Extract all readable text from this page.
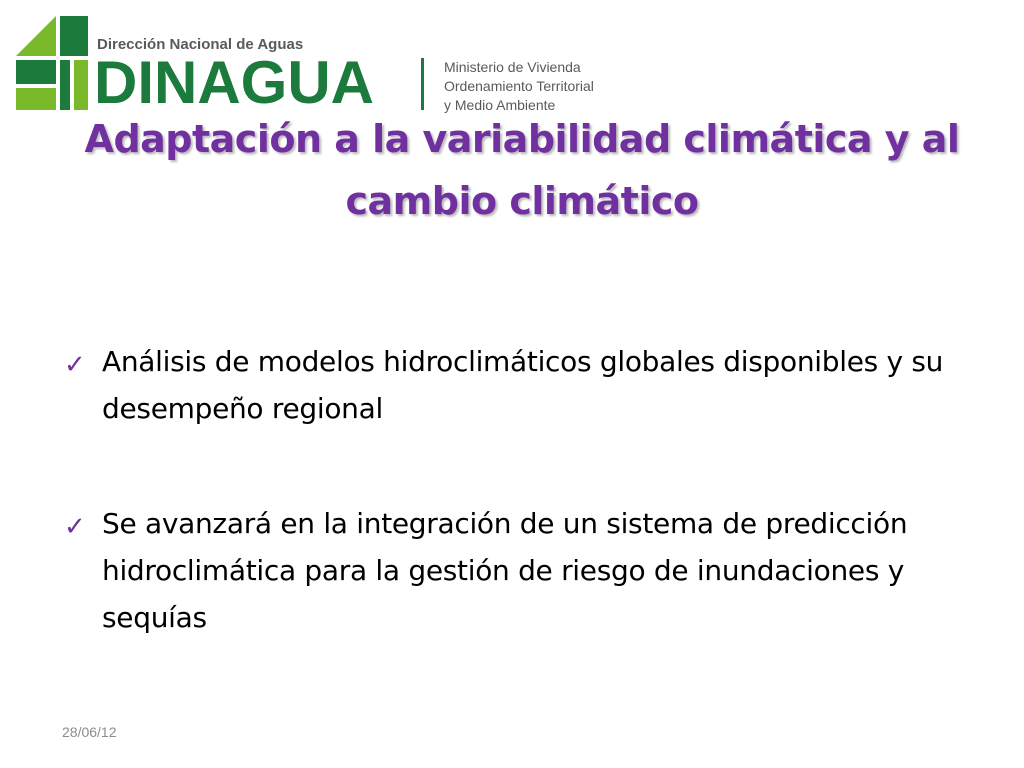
Dirección Nacional de Aguas
DINAGUA	Ministerio de Vivienda
Ordenamiento Territorial
y Medio Ambiente
Adaptación a la variabilidad climática y al
cambio climático
✓ Análisis de modelos hidroclimáticos globales disponibles y su desempeño regional
✓ Se avanzará en la integración de un sistema de predicción hidroclimática para la gestión de riesgo de inundaciones y sequías
28/06/12
